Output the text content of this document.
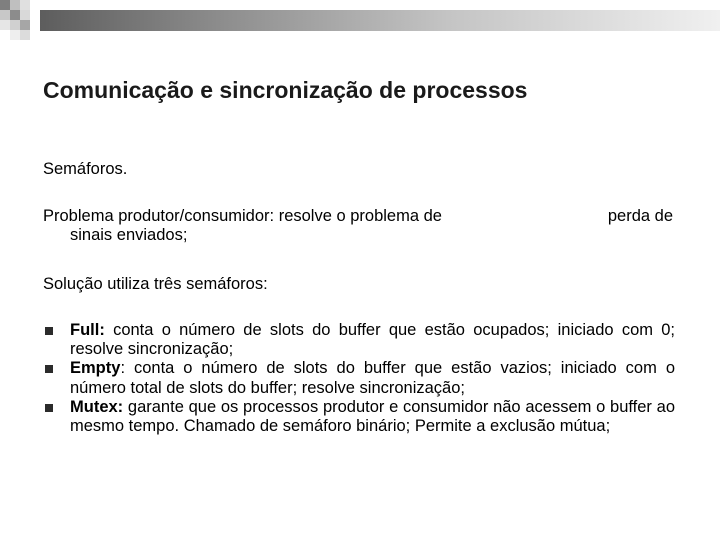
Comunicação e sincronização de processos
Semáforos.
Problema produtor/consumidor: resolve o problema de	perda de
sinais enviados;
Solução utiliza três semáforos:
Full: conta o número de slots do buffer que estão ocupados; iniciado com 0; resolve sincronização;
Empty: conta o número de slots do buffer que estão vazios; iniciado com o número total de slots do buffer; resolve sincronização;
Mutex: garante que os processos produtor e consumidor não acessem o buffer ao mesmo tempo. Chamado de semáforo binário; Permite a exclusão mútua;
